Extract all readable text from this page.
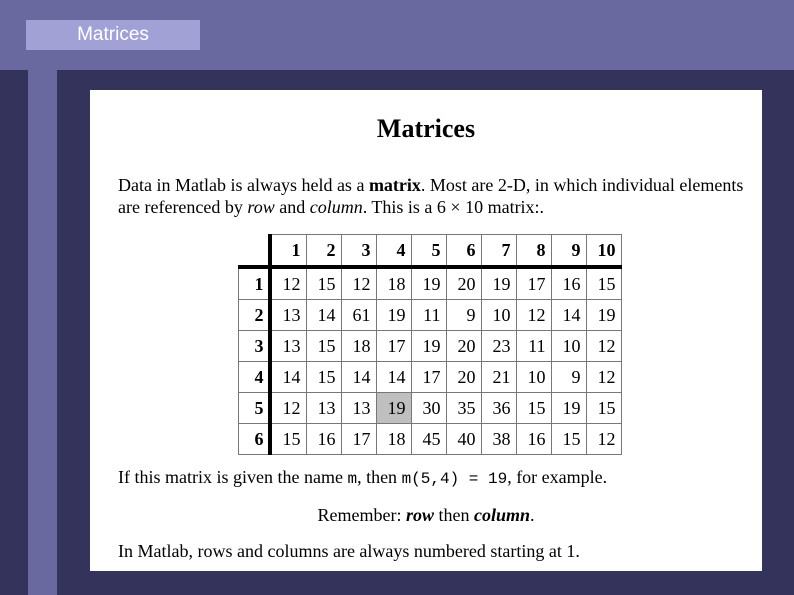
Matrices
Matrices

Data in Matlab is always held as a matrix. Most are 2-D, in which individual elements are referenced by row and column. This is a 6 × 10 matrix:.

	1	2	3	4	5	6	7	8	9	10
1	12	15	12	18	19	20	19	17	16	15
2	13	14	61	19	11	9	10	12	14	19
3	13	15	18	17	19	20	23	11	10	12
4	14	15	14	14	17	20	21	10	9	12
5	12	13	13	19	30	35	36	15	19	15
6	15	16	17	18	45	40	38	16	15	12

If this matrix is given the name m, then m(5,4) = 19, for example.

Remember: row then column.

In Matlab, rows and columns are always numbered starting at 1.
